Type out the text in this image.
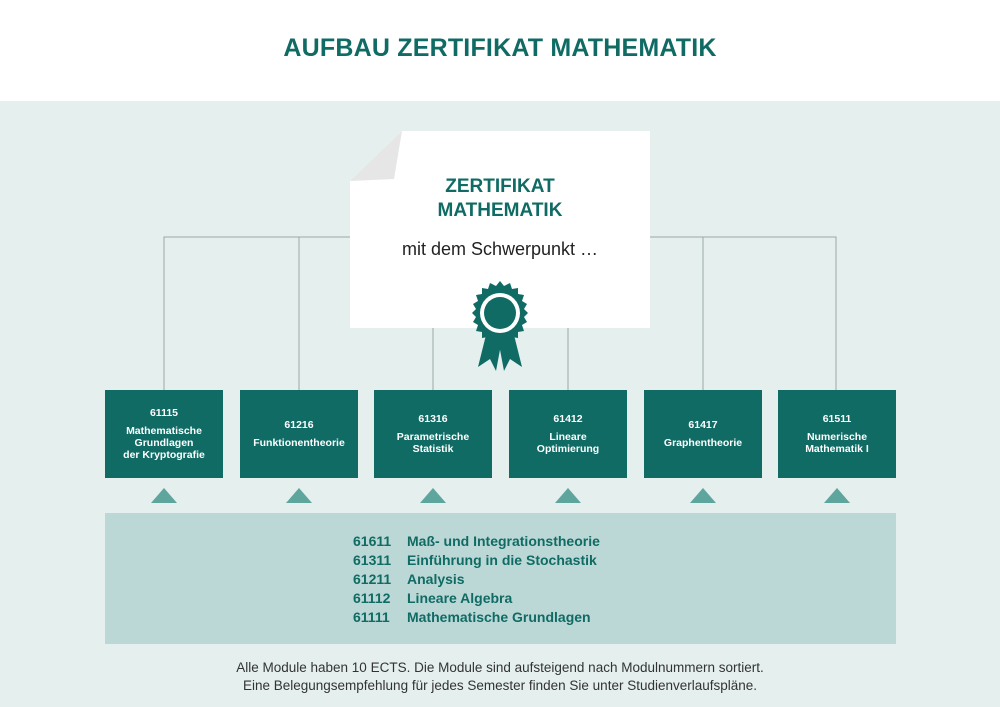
AUFBAU ZERTIFIKAT MATHEMATIK
ZERTIFIKAT
MATHEMATIK
mit dem Schwerpunkt …
61115
Mathematische
Grundlagen
der Kryptografie
61216
Funktionentheorie
61316
Parametrische
Statistik
61412
Lineare
Optimierung
61417
Graphentheorie
61511
Numerische
Mathematik I
61611 Maß- und Integrationstheorie
61311 Einführung in die Stochastik
61211 Analysis
61112 Lineare Algebra
61111 Mathematische Grundlagen
Alle Module haben 10 ECTS. Die Module sind aufsteigend nach Modulnummern sortiert.
Eine Belegungsempfehlung für jedes Semester finden Sie unter Studienverlaufspläne.
